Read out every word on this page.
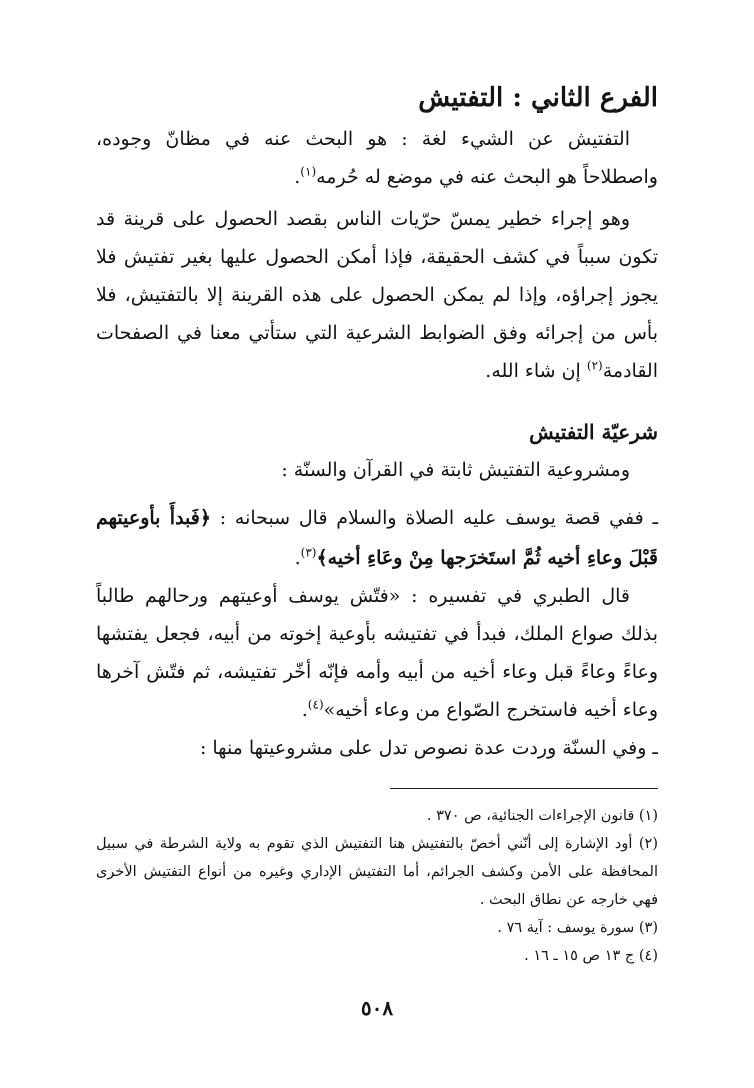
الفرع الثاني : التفتيش

التفتيش عن الشيء لغة : هو البحث عنه في مظانّ وجوده، واصطلاحاً هو البحث عنه في موضع له حُرمه$^{(١)}$.

وهو إجراء خطير يمسّ حرّيات الناس بقصد الحصول على قرينة قد تكون سبباً في كشف الحقيقة، فإذا أمكن الحصول عليها بغير تفتيش فلا يجوز إجراؤه، وإذا لم يمكن الحصول على هذه القرينة إلا بالتفتيش، فلا بأس من إجرائه وفق الضوابط الشرعية التي ستأتي معنا في الصفحات القادمة$^{(٢)}$ إن شاء الله.

شرعيّة التفتيش

ومشروعية التفتيش ثابتة في القرآن والسنّة :

ـ ففي قصة يوسف عليه الصلاة والسلام قال سبحانه : ﴿فَبدأَ بأوعيتهم قَبْلَ وعاءِ أخيه ثُمَّ استَخرَجها مِنْ وعَاءِ أخيه﴾$^{(٣)}$.

قال الطبري في تفسيره : «فتّش يوسف أوعيتهم ورحالهم طالباً بذلك صواع الملك، فبدأ في تفتيشه بأوعية إخوته من أبيه، فجعل يفتشها وعاءً وعاءً قبل وعاء أخيه من أبيه وأمه فإنّه أخّر تفتيشه، ثم فتّش آخرها وعاء أخيه فاستخرج الصّواع من وعاء أخيه»$^{(٤)}$.

ـ وفي السنّة وردت عدة نصوص تدل على مشروعيتها منها :

(١) قانون الإجراءات الجنائية، ص ٣٧٠ .

(٢) أود الإشارة إلى أنّني أخصّ بالتفتيش هنا التفتيش الذي تقوم به ولاية الشرطة في سبيل المحافظة على الأمن وكشف الجرائم، أما التفتيش الإداري وغيره من أنواع التفتيش الأخرى فهي خارجه عن نطاق البحث .

(٣) سورة يوسف : آية ٧٦ .

(٤) ج ١٣ ص ١٥ ـ ١٦ .

٥٠٨
